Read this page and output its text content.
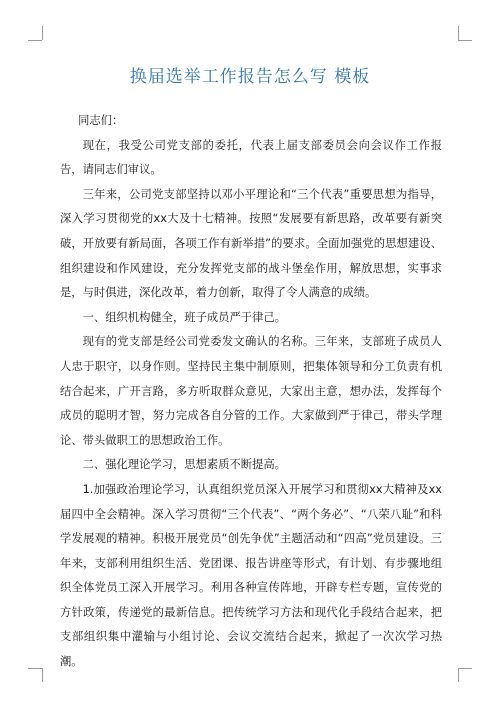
换届选举工作报告怎么写 模板

同志们：

现在，我受公司党支部的委托，代表上届支部委员会向会议作工作报告，请同志们审议。

三年来，公司党支部坚持以邓小平理论和“三个代表”重要思想为指导，深入学习贯彻党的xx大及十七精神。按照“发展要有新思路，改革要有新突破，开放要有新局面，各项工作有新举措”的要求。全面加强党的思想建设、组织建设和作风建设，充分发挥党支部的战斗堡垒作用，解放思想，实事求是，与时俱进，深化改革，着力创新，取得了令人满意的成绩。

一、组织机构健全，班子成员严于律己。

现有的党支部是经公司党委发文确认的名称。三年来，支部班子成员人人忠于职守，以身作则。坚持民主集中制原则，把集体领导和分工负责有机结合起来，广开言路，多方听取群众意见，大家出主意，想办法，发挥每个成员的聪明才智，努力完成各自分管的工作。大家做到严于律己，带头学理论、带头做职工的思想政治工作。

二、强化理论学习，思想素质不断提高。

1.加强政治理论学习，认真组织党员深入开展学习和贯彻xx大精神及xx届四中全会精神。深入学习贯彻“三个代表”、“两个务必”、“八荣八耻”和科学发展观的精神。积极开展党员“创先争优”主题活动和“四高”党员建设。三年来，支部利用组织生活、党团课、报告讲座等形式，有计划、有步骤地组织全体党员工深入开展学习。利用各种宣传阵地，开辟专栏专题，宣传党的方针政策，传递党的最新信息。把传统学习方法和现代化手段结合起来，把支部组织集中灌输与小组讨论、会议交流结合起来，掀起了一次次学习热潮。
